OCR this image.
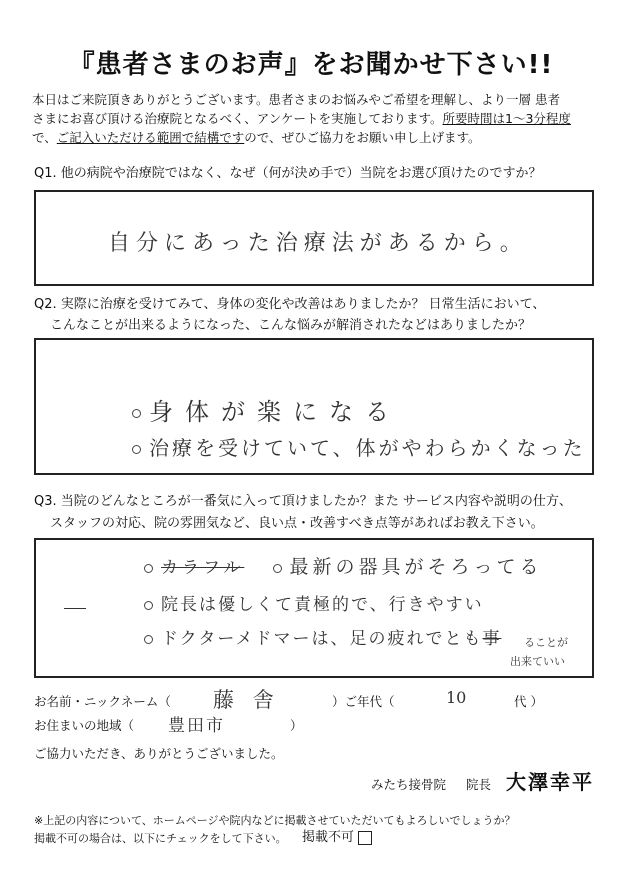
『患者さまのお声』をお聞かせ下さい!!
本日はご来院頂きありがとうございます。患者さまのお悩みやご希望を理解し、より一層 患者
さまにお喜び頂ける治療院となるべく、アンケートを実施しております。所要時間は1～3分程度
で、ご記入いただける範囲で結構ですので、ぜひご協力をお願い申し上げます。
Q1. 他の病院や治療院ではなく、なぜ（何が決め手で）当院をお選び頂けたのですか？
自分にあった治療法があるから。
Q2. 実際に治療を受けてみて、身体の変化や改善はありましたか？ 日常生活において、
こんなことが出来るようになった、こんな悩みが解消されたなどはありましたか？
身体が楽になる
治療を受けていて、体がやわらかくなった
Q3. 当院のどんなところが一番気に入って頂けましたか？また サービス内容や説明の仕方、
スタッフの対応、院の雰囲気など、良い点・改善すべき点等があればお教え下さい。
カラフル 最新の器具がそろってる
院長は優しくて責極的で、行きやすい
ドクターメドマーは、足の疲れでとも事 ることが
出来ていい
お名前・ニックネーム（ 藤 舎	）ご年代（	10	代 ）
お住まいの地域（ 豊田市	）
ご協力いただき、ありがとうございました。
みたち接骨院 院長 大澤幸平
※上記の内容について、ホームページや院内などに掲載させていただいてもよろしいでしょうか？
掲載不可の場合は、以下にチェックをして下さい。 掲載不可
